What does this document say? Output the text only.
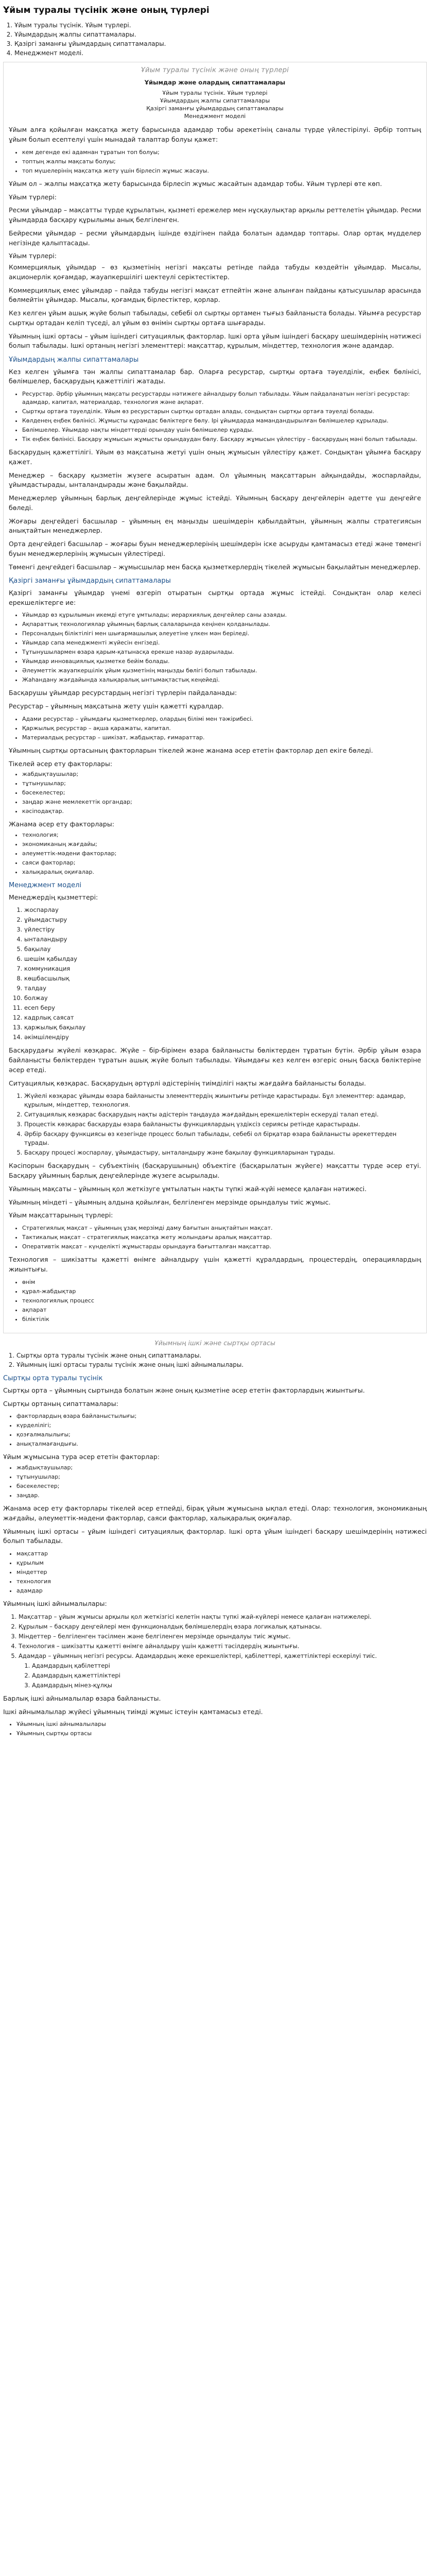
Ұйым туралы түсінік және оның түрлері
1. Ұйым туралы түсінік. Ұйым түрлері.
2. Ұйымдардың жалпы сипаттамалары.
3. Қазіргі заманғы ұйымдардың сипаттамалары.
4. Менеджмент моделі.
Ұйым туралы түсінік және оның түрлері
Ұйымдар және олардың сипаттамалары
Ұйым туралы түсінік. Ұйым түрлері
Ұйымдардың жалпы сипаттамалары
Қазіргі заманғы ұйымдардың сипаттамалары
Менеджмент моделі

Ұйым алға қойылған мақсатқа жету барысында адамдар тобы әрекетінің саналы түрде үйлестірілуі. Әрбір топтың ұйым болып есептелуі үшін мынадай талаптар болуы қажет:

• кем дегенде екі адамнан тұратын топ болуы;
• топтың жалпы мақсаты болуы;
• топ мүшелерінің мақсатқа жету үшін бірлесіп жұмыс жасауы.

Ұйым ол – жалпы мақсатқа жету барысында бірлесіп жұмыс жасайтын адамдар тобы. Ұйым түрлері өте көп.

Ұйым түрлері:

Ресми ұйымдар – мақсатты түрде құрылатын, қызметі ережелер мен нұсқаулықтар арқылы реттелетін ұйымдар. Ресми ұйымдарда басқару құрылымы анық белгіленген.

Бейресми ұйымдар – ресми ұйымдардың ішінде өздігінен пайда болатын адамдар топтары. Олар ортақ мүдделер негізінде қалыптасады.

Ұйым түрлері:

Коммерциялық ұйымдар – өз қызметінің негізгі мақсаты ретінде пайда табуды көздейтін ұйымдар. Мысалы, акционерлік қоғамдар, жауапкершілігі шектеулі серіктестіктер.

Коммерциялық емес ұйымдар – пайда табуды негізгі мақсат етпейтін және алынған пайданы қатысушылар арасында бөлмейтін ұйымдар. Мысалы, қоғамдық бірлестіктер, қорлар.

Кез келген ұйым ашық жүйе болып табылады, себебі ол сыртқы ортамен тығыз байланыста болады. Ұйымға ресурстар сыртқы ортадан келіп түседі, ал ұйым өз өнімін сыртқы ортаға шығарады.

Ұйымның ішкі ортасы – ұйым ішіндегі ситуациялық факторлар. Ішкі орта ұйым ішіндегі басқару шешімдерінің нәтижесі болып табылады. Ішкі ортаның негізгі элементтері: мақсаттар, құрылым, міндеттер, технология және адамдар.

Ұйымдардың жалпы сипаттамалары

Кез келген ұйымға тән жалпы сипаттамалар бар. Оларға ресурстар, сыртқы ортаға тәуелділік, еңбек бөлінісі, бөлімшелер, басқарудың қажеттілігі жатады.

• Ресурстар. Әрбір ұйымның мақсаты ресурстарды нәтижеге айналдыру болып табылады. Ұйым пайдаланатын негізгі ресурстар: адамдар, капитал, материалдар, технология және ақпарат.
• Сыртқы ортаға тәуелділік. Ұйым өз ресурстарын сыртқы ортадан алады, сондықтан сыртқы ортаға тәуелді болады.
• Көлденең еңбек бөлінісі. Жұмысты құрамдас бөліктерге бөлу. Ірі ұйымдарда мамандандырылған бөлімшелер құрылады.
• Бөлімшелер. Ұйымдар нақты міндеттерді орындау үшін бөлімшелер құрады.
• Тік еңбек бөлінісі. Басқару жұмысын жұмысты орындаудан бөлу. Басқару жұмысын үйлестіру – басқарудың мәні болып табылады.

Басқарудың қажеттілігі. Ұйым өз мақсатына жетуі үшін оның жұмысын үйлестіру қажет. Сондықтан ұйымға басқару қажет.

Менеджер – басқару қызметін жүзеге асыратын адам. Ол ұйымның мақсаттарын айқындайды, жоспарлайды, ұйымдастырады, ынталандырады және бақылайды.

Менеджерлер ұйымның барлық деңгейлерінде жұмыс істейді. Ұйымның басқару деңгейлерін әдетте үш деңгейге бөледі.

Жоғары деңгейдегі басшылар – ұйымның ең маңызды шешімдерін қабылдайтын, ұйымның жалпы стратегиясын анықтайтын менеджерлер.

Орта деңгейдегі басшылар – жоғары буын менеджерлерінің шешімдерін іске асыруды қамтамасыз етеді және төменгі буын менеджерлерінің жұмысын үйлестіреді.

Төменгі деңгейдегі басшылар – жұмысшылар мен басқа қызметкерлердің тікелей жұмысын бақылайтын менеджерлер.

Қазіргі заманғы ұйымдардың сипаттамалары

Қазіргі заманғы ұйымдар үнемі өзгеріп отыратын сыртқы ортада жұмыс істейді. Сондықтан олар келесі ерекшеліктерге ие:

• Ұйымдар өз құрылымын икемді етуге ұмтылады; иерархиялық деңгейлер саны азаяды.
• Ақпараттық технологиялар ұйымның барлық салаларында кеңінен қолданылады.
• Персоналдың біліктілігі мен шығармашылық әлеуетіне үлкен мән беріледі.
• Ұйымдар сапа менеджменті жүйесін енгізеді.
• Тұтынушылармен өзара қарым-қатынасқа ерекше назар аударылады.
• Ұйымдар инновациялық қызметке бейім болады.
• Әлеуметтік жауапкершілік ұйым қызметінің маңызды бөлігі болып табылады.
• Жаһандану жағдайында халықаралық ынтымақтастық кеңейеді.

Басқарушы ұйымдар ресурстардың негізгі түрлерін пайдаланады:

Ресурстар – ұйымның мақсатына жету үшін қажетті құралдар.

• Адами ресурстар – ұйымдағы қызметкерлер, олардың білімі мен тәжірибесі.
• Қаржылық ресурстар – ақша қаражаты, капитал.
• Материалдық ресурстар – шикізат, жабдықтар, ғимараттар.

Ұйымның сыртқы ортасының факторларын тікелей және жанама әсер ететін факторлар деп екіге бөледі.

Тікелей әсер ету факторлары:
• жабдықтаушылар;
• тұтынушылар;
• бәсекелестер;
• заңдар және мемлекеттік органдар;
• кәсіподақтар.
Жанама әсер ету факторлары:
• технология;
• экономиканың жағдайы;
• әлеуметтік-мәдени факторлар;
• саяси факторлар;
• халықаралық оқиғалар.
Менеджмент моделі

Менеджердің қызметтері:

1. жоспарлау
2. ұйымдастыру
3. үйлестіру
4. ынталандыру
5. бақылау
6. шешім қабылдау
7. коммуникация
8. көшбасшылық
9. талдау
10. болжау
11. есеп беру
12. кадрлық саясат
13. қаржылық бақылау
14. әкімшілендіру

Басқарудағы жүйелі көзқарас. Жүйе – бір-бірімен өзара байланысты бөліктерден тұратын бүтін. Әрбір ұйым өзара байланысты бөліктерден тұратын ашық жүйе болып табылады. Ұйымдағы кез келген өзгеріс оның басқа бөліктеріне әсер етеді.

Ситуациялық көзқарас. Басқарудың әртүрлі әдістерінің тиімділігі нақты жағдайға байланысты болады.

1. Жүйелі көзқарас ұйымды өзара байланысты элементтердің жиынтығы ретінде қарастырады. Бұл элементтер: адамдар, құрылым, міндеттер, технология.
2. Ситуациялық көзқарас басқарудың нақты әдістерін таңдауда жағдайдың ерекшеліктерін ескеруді талап етеді.
3. Процестік көзқарас басқаруды өзара байланысты функциялардың үздіксіз сериясы ретінде қарастырады.
4. Әрбір басқару функциясы өз кезегінде процесс болып табылады, себебі ол бірқатар өзара байланысты әрекеттерден тұрады.
5. Басқару процесі жоспарлау, ұйымдастыру, ынталандыру және бақылау функцияларынан тұрады.

Кәсіпорын басқарудың – субъектінің (басқарушының) объектіге (басқарылатын жүйеге) мақсатты түрде әсер етуі. Басқару ұйымның барлық деңгейлерінде жүзеге асырылады.

Ұйымның мақсаты – ұйымның қол жеткізуге ұмтылатын нақты түпкі жай-күйі немесе қалаған нәтижесі.

Ұйымның міндеті – ұйымның алдына қойылған, белгіленген мерзімде орындалуы тиіс жұмыс.

Ұйым мақсаттарының түрлері:

• Стратегиялық мақсат – ұйымның ұзақ мерзімді даму бағытын анықтайтын мақсат.
• Тактикалық мақсат – стратегиялық мақсатқа жету жолындағы аралық мақсаттар.
• Оперативтік мақсат – күнделікті жұмыстарды орындауға бағытталған мақсаттар.

Технология – шикізатты қажетті өнімге айналдыру үшін қажетті құралдардың, процестердің, операциялардың жиынтығы.

• өнім
• құрал-жабдықтар
• технологиялық процесс
• ақпарат
• біліктілік
Ұйымның ішкі және сыртқы ортасы
1. Сыртқы орта туралы түсінік және оның сипаттамалары.
2. Ұйымның ішкі ортасы туралы түсінік және оның ішкі айнымалылары.
Сыртқы орта туралы түсінік

Сыртқы орта – ұйымның сыртында болатын және оның қызметіне әсер ететін факторлардың жиынтығы.

Сыртқы ортаның сипаттамалары:

• факторлардың өзара байланыстылығы;
• күрделілігі;
• қозғалмалылығы;
• анықталмағандығы.
Ұйым жұмысына тура әсер ететін факторлар:
• жабдықтаушылар;
• тұтынушылар;
• бәсекелестер;
• заңдар.

Жанама әсер ету факторлары тікелей әсер етпейді, бірақ ұйым жұмысына ықпал етеді. Олар: технология, экономиканың жағдайы, әлеуметтік-мәдени факторлар, саяси факторлар, халықаралық оқиғалар.

Ұйымның ішкі ортасы – ұйым ішіндегі ситуациялық факторлар. Ішкі орта ұйым ішіндегі басқару шешімдерінің нәтижесі болып табылады.

• мақсаттар
• құрылым
• міндеттер
• технология
• адамдар

Ұйымның ішкі айнымалылары:

1. Мақсаттар – ұйым жұмысы арқылы қол жеткізгісі келетін нақты түпкі жай-күйлері немесе қалаған нәтижелері.
2. Құрылым – басқару деңгейлері мен функционалдық бөлімшелердің өзара логикалық қатынасы.
3. Міндеттер – белгіленген тәсілмен және белгіленген мерзімде орындалуы тиіс жұмыс.
4. Технология – шикізатты қажетті өнімге айналдыру үшін қажетті тәсілдердің жиынтығы.
5. Адамдар – ұйымның негізгі ресурсы. Адамдардың жеке ерекшеліктері, қабілеттері, қажеттіліктері ескерілуі тиіс.
1. Адамдардың қабілеттері
2. Адамдардың қажеттіліктері
3. Адамдардың мінез-құлқы

Барлық ішкі айнымалылар өзара байланысты.

Ішкі айнымалылар жүйесі ұйымның тиімді жұмыс істеуін қамтамасыз етеді.

• Ұйымның ішкі айнымалылары
• Ұйымның сыртқы ортасы
